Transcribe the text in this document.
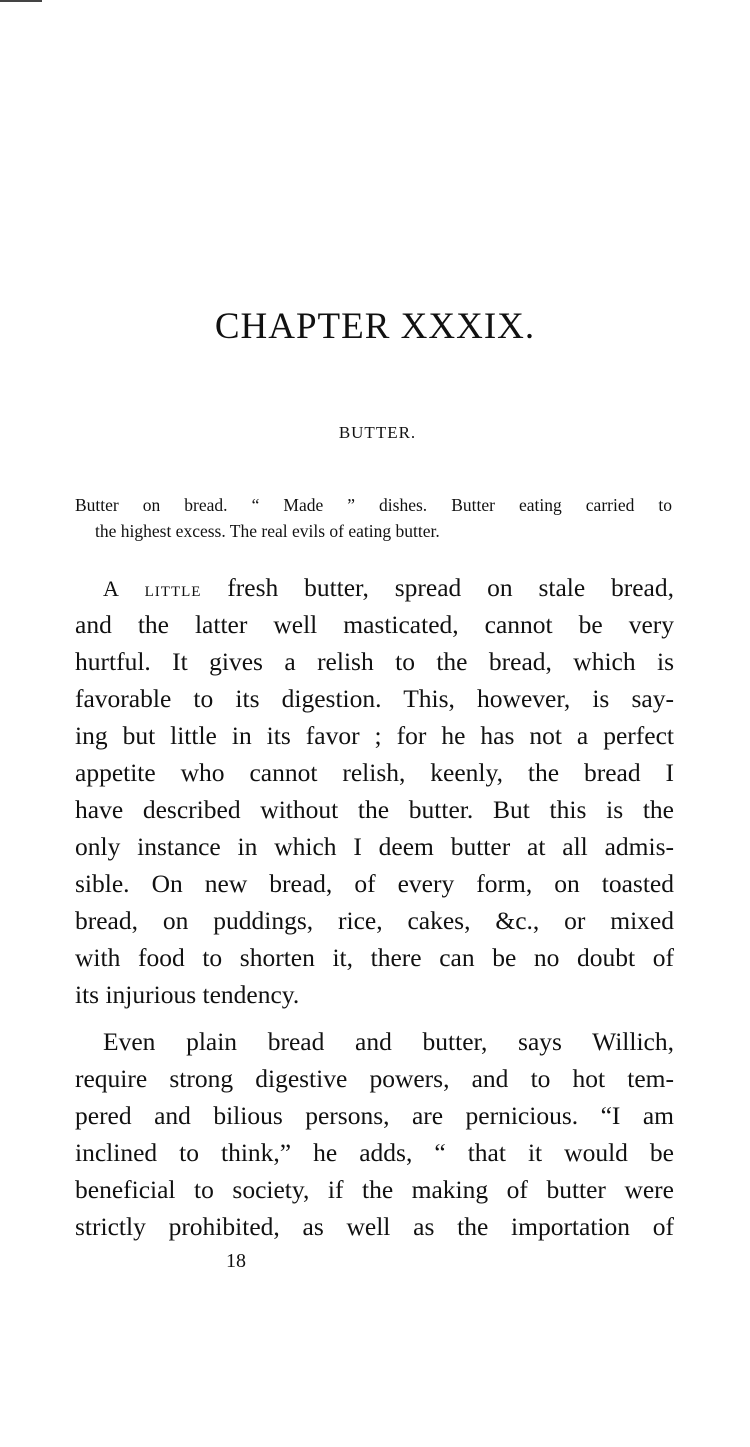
CHAPTER XXXIX.
BUTTER.
Butter on bread. “ Made ” dishes. Butter eating carried to
the highest excess. The real evils of eating butter.
A little fresh butter, spread on stale bread,
and the latter well masticated, cannot be very
hurtful. It gives a relish to the bread, which is
favorable to its digestion. This, however, is say-
ing but little in its favor ; for he has not a perfect
appetite who cannot relish, keenly, the bread I
have described without the butter. But this is the
only instance in which I deem butter at all admis-
sible. On new bread, of every form, on toasted
bread, on puddings, rice, cakes, &c., or mixed
with food to shorten it, there can be no doubt of
its injurious tendency.
Even plain bread and butter, says Willich,
require strong digestive powers, and to hot tem-
pered and bilious persons, are pernicious. “I am
inclined to think,” he adds, “ that it would be
beneficial to society, if the making of butter were
strictly prohibited, as well as the importation of
18
